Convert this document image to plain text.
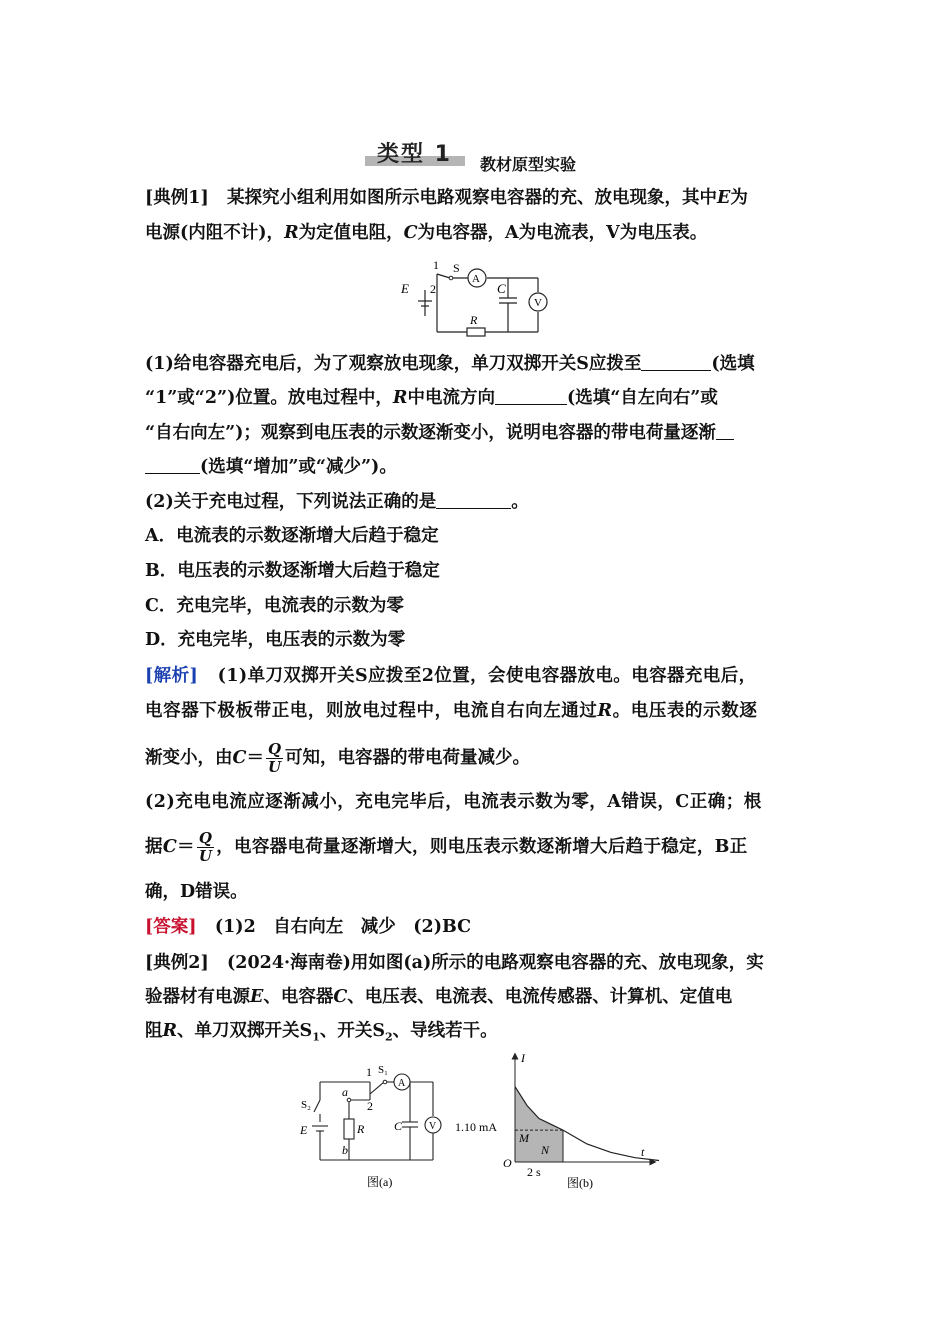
类型 1 教材原型实验
[典例1] 某探究小组利用如图所示电路观察电容器的充、放电现象，其中E为
电源(内阻不计)，R为定值电阻，C为电容器，A为电流表，V为电压表。
1 S
A
E 2	C
V
R
(1)给电容器充电后，为了观察放电现象，单刀双掷开关S应拨至	(选填
“1”或“2”)位置。放电过程中，R中电流方向	(选填“自左向右”或
“自右向左”)；观察到电压表的示数逐渐变小，说明电容器的带电荷量逐渐
(选填“增加”或“减少”)。
(2)关于充电过程，下列说法正确的是	。
A．电流表的示数逐渐增大后趋于稳定
B．电压表的示数逐渐增大后趋于稳定
C．充电完毕，电流表的示数为零
D．充电完毕，电压表的示数为零
[解析] (1)单刀双掷开关S应拨至2位置，会使电容器放电。电容器充电后，
电容器下极板带正电，则放电过程中，电流自右向左通过R。电压表的示数逐
渐变小，由$C= \frac{Q}{U}$ 可知，电容器的带电荷量减少。
(2)充电电流应逐渐减小，充电完毕后，电流表示数为零，A错误，C正确；根
据$C= \frac{Q}{U}$ ，电容器电荷量逐渐增大，则电压表示数逐渐增大后趋于稳定，B正
确，D错误。
[答案] (1)2　自右向左　减少　(2)BC
[典例2] (2024·海南卷)用如图(a)所示的电路观察电容器的充、放电现象，实
验器材有电源E、电容器C、电压表、电流表、电流传感器、计算机、定值电
阻R、单刀双掷开关$S_1$、开关$S_2$、导线若干。
1 S₁
S₂
a
2
R
E
b
C
A
V
图(a)
I
1.10 mA
M
N
O
t
2 s
图(b)
